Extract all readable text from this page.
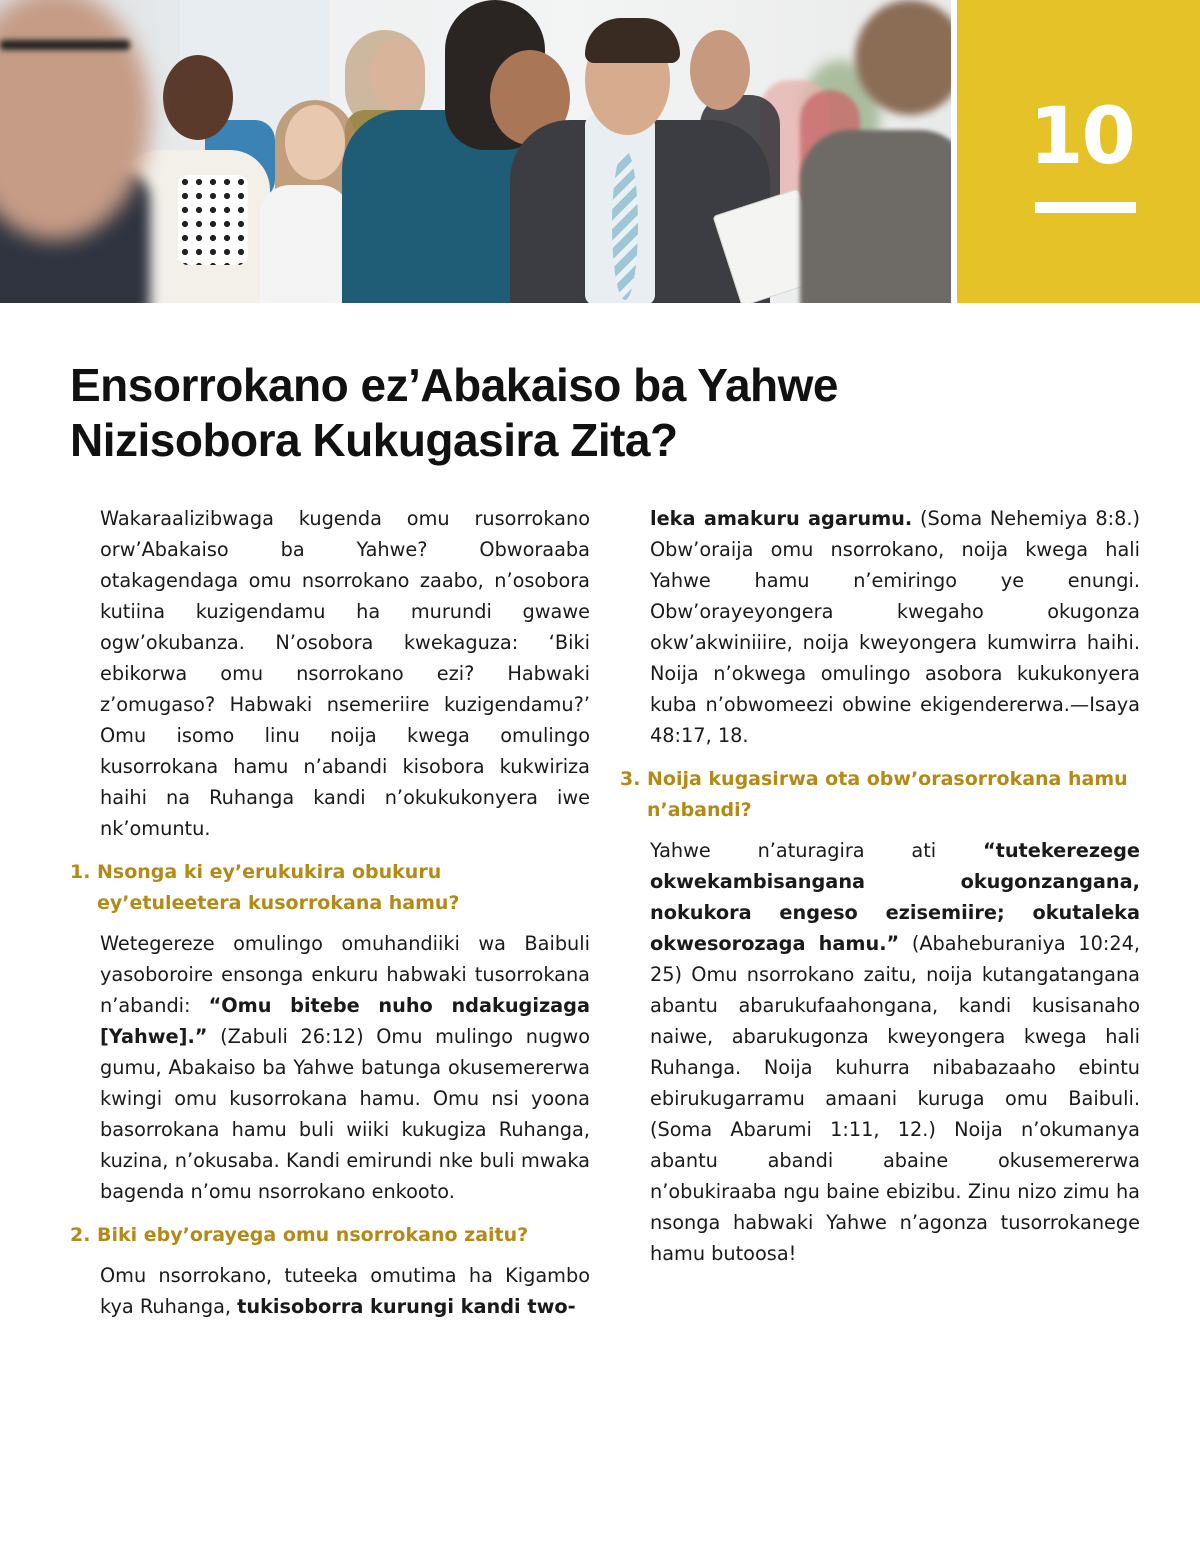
10
Ensorrokano ez’Abakaiso ba Yahwe
Nizisobora Kukugasira Zita?

Wakaraalizibwaga kugenda omu rusorrokano orw’Abakaiso ba Yahwe? Obworaaba otakagendaga omu nsorrokano zaabo, n’osobora kutiina kuzigendamu ha murundi gwawe ogw’okubanza. N’osobora kwekaguza: ‘Biki ebikorwa omu nsorrokano ezi? Habwaki z’omugaso? Habwaki nsemeriire kuzigendamu?’ Omu isomo linu noija kwega omulingo kusorrokana hamu n’abandi kisobora kukwiriza haihi na Ruhanga kandi n’okukukonyera iwe nk’omuntu.

1. Nsonga ki ey’erukukira obukuru ey’etuleetera kusorrokana hamu?

Wetegereze omulingo omuhandiiki wa Baibuli yasoboroire ensonga enkuru habwaki tusorrokana n’abandi: “Omu bitebe nuho ndakugizaga [Yahwe].” (Zabuli 26:12) Omu mulingo nugwo gumu, Abakaiso ba Yahwe batunga okusemererwa kwingi omu kusorrokana hamu. Omu nsi yoona basorrokana hamu buli wiiki kukugiza Ruhanga, kuzina, n’okusaba. Kandi emirundi nke buli mwaka bagenda n’omu nsorrokano enkooto.

2. Biki eby’orayega omu nsorrokano zaitu?

Omu nsorrokano, tuteeka omutima ha Kigambo kya Ruhanga, tukisoborra kurungi kandi two-

leka amakuru agarumu. (Soma Nehemiya 8:8.) Obw’oraija omu nsorrokano, noija kwega hali Yahwe hamu n’emiringo ye enungi. Obw’orayeyongera kwegaho okugonza okw’akwiniiire, noija kweyongera kumwirra haihi. Noija n’okwega omulingo asobora kukukonyera kuba n’obwomeezi obwine ekigendererwa.—Isaya 48:17, 18.

3. Noija kugasirwa ota obw’orasorrokana hamu n’abandi?

Yahwe n’aturagira ati “tutekerezege okwekambisangana okugonzangana, nokukora engeso ezisemiire; okutaleka okwesorozaga hamu.” (Abaheburaniya 10:24, 25) Omu nsorrokano zaitu, noija kutangatangana abantu abarukufaahongana, kandi kusisanaho naiwe, abarukugonza kweyongera kwega hali Ruhanga. Noija kuhurra nibabazaaho ebintu ebirukugarramu amaani kuruga omu Baibuli. (Soma Abarumi 1:11, 12.) Noija n’okumanya abantu abandi abaine okusemererwa n’obukiraaba ngu baine ebizibu. Zinu nizo zimu ha nsonga habwaki Yahwe n’agonza tusorrokanege hamu butoosa!
